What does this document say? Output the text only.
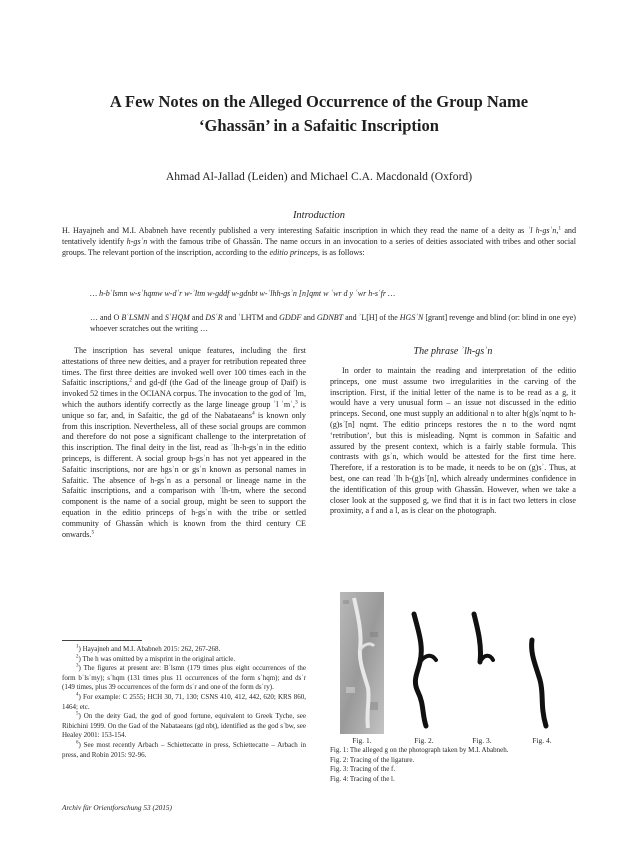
A Few Notes on the Alleged Occurrence of the Group Name
‘Ghassān’ in a Safaitic Inscription
Ahmad Al-Jallad (Leiden) and Michael C.A. Macdonald (Oxford)
Introduction

H. Hayajneh and M.I. Ababneh have recently published a very interesting Safaitic inscription in which they read the name of a deity as ʾl h-gsʾn,$^1$ and tentatively identify h-gsʾn with the famous tribe of Ghassān. The name occurs in an invocation to a series of deities associated with tribes and other social groups. The relevant portion of the inscription, according to the editio princeps, is as follows:

… h-bʿlsmn w-sʿhqmw w-dʾr w-ʾltm w-gddf w-gdnbt w-ʾlhh-gsʾn [n]qmt w ʿwr d y ʿwr h-sʿfr …

… and O BʿLSMN and SʿHQM and DSʿR and ʾLHTM and GDDF and GDNBT and ʾL[H] of the HGSʾN [grant] revenge and blind (or: blind in one eye) whoever scratches out the writing …

The inscription has several unique features, including the first attestations of three new deities, and a prayer for retribution repeated three times. The first three deities are invoked well over 100 times each in the Safaitic inscriptions,$^2$ and gd-ḍf (the Gad of the lineage group of Ḍaif) is invoked 52 times in the OCIANA corpus. The invocation to the god of ʾlm, which the authors identify correctly as the large lineage group ʾl ʿmʾ,$^3$ is unique so far, and, in Safaitic, the gd of the Nabataeans$^4$ is known only from this inscription. Nevertheless, all of these social groups are common and therefore do not pose a significant challenge to the interpretation of this inscription. The final deity in the list, read as ʾlh-h-gsʾn in the editio princeps, is different. A social group h-gsʾn has not yet appeared in the Safaitic inscriptions, nor are hgsʾn or gsʾn known as personal names in Safaitic. The absence of h-gsʾn as a personal or lineage name in the Safaitic inscriptions, and a comparison with ʾlh-tm, where the second component is the name of a social group, might be seen to support the equation in the editio princeps of h-gsʾn with the tribe or settled community of Ghassān which is known from the third century CE onwards.$^5$

$^1$) Hayajneh and M.I. Ababneh 2015: 262, 267-268.
$^2$) The h was omitted by a misprint in the original article.
$^3$) The figures at present are: Bʿlsmn (179 times plus eight occurrences of the form bʿlsʿmy); sʿhqm (131 times plus 11 occurrences of the form sʿhqm); and dsʿr (149 times, plus 39 occurrences of the form dsʿr and one of the form dsʿry).
$^4$) For example: C 2555; HCH 30, 71, 130; CSNS 410, 412, 442, 620; KRS 860, 1464; etc.
$^5$) On the deity Gad, the god of good fortune, equivalent to Greek Tyche, see Ribichini 1999. On the Gad of the Nabataeans (gd nbṭ), identified as the god sʿbw, see Healey 2001: 153-154.
$^6$) See most recently Arbach – Schiettecatte in press, Schiettecatte – Arbach in press, and Robin 2015: 92-96.
The phrase ʾlh-gsʾn

In order to maintain the reading and interpretation of the editio princeps, one must assume two irregularities in the carving of the inscription. First, if the initial letter of the name is to be read as a g, it would have a very unusual form – an issue not discussed in the editio princeps. Second, one must supply an additional n to alter h(g)sʾnqmt to h-(g)sʾ[n] nqmt. The editio princeps restores the n to the word nqmt ‘retribution’, but this is misleading. Nqmt is common in Safaitic and assured by the present context, which is a fairly stable formula. This contrasts with gsʾn, which would be attested for the first time here. Therefore, if a restoration is to be made, it needs to be on (g)sʾ. Thus, at best, one can read ʾlh h-(g)sʾ[n], which already undermines confidence in the identification of this group with Ghassān. However, when we take a closer look at the supposed g, we find that it is in fact two letters in close proximity, a f and a l, as is clear on the photograph.

Fig. 1.	Fig. 2.	Fig. 3.	Fig. 4.
Fig. 1: The alleged g on the photograph taken by M.I. Ababneh.
Fig. 2: Tracing of the ligature.
Fig. 3: Tracing of the f.
Fig. 4: Tracing of the l.
Archiv für Orientforschung 53 (2015)
